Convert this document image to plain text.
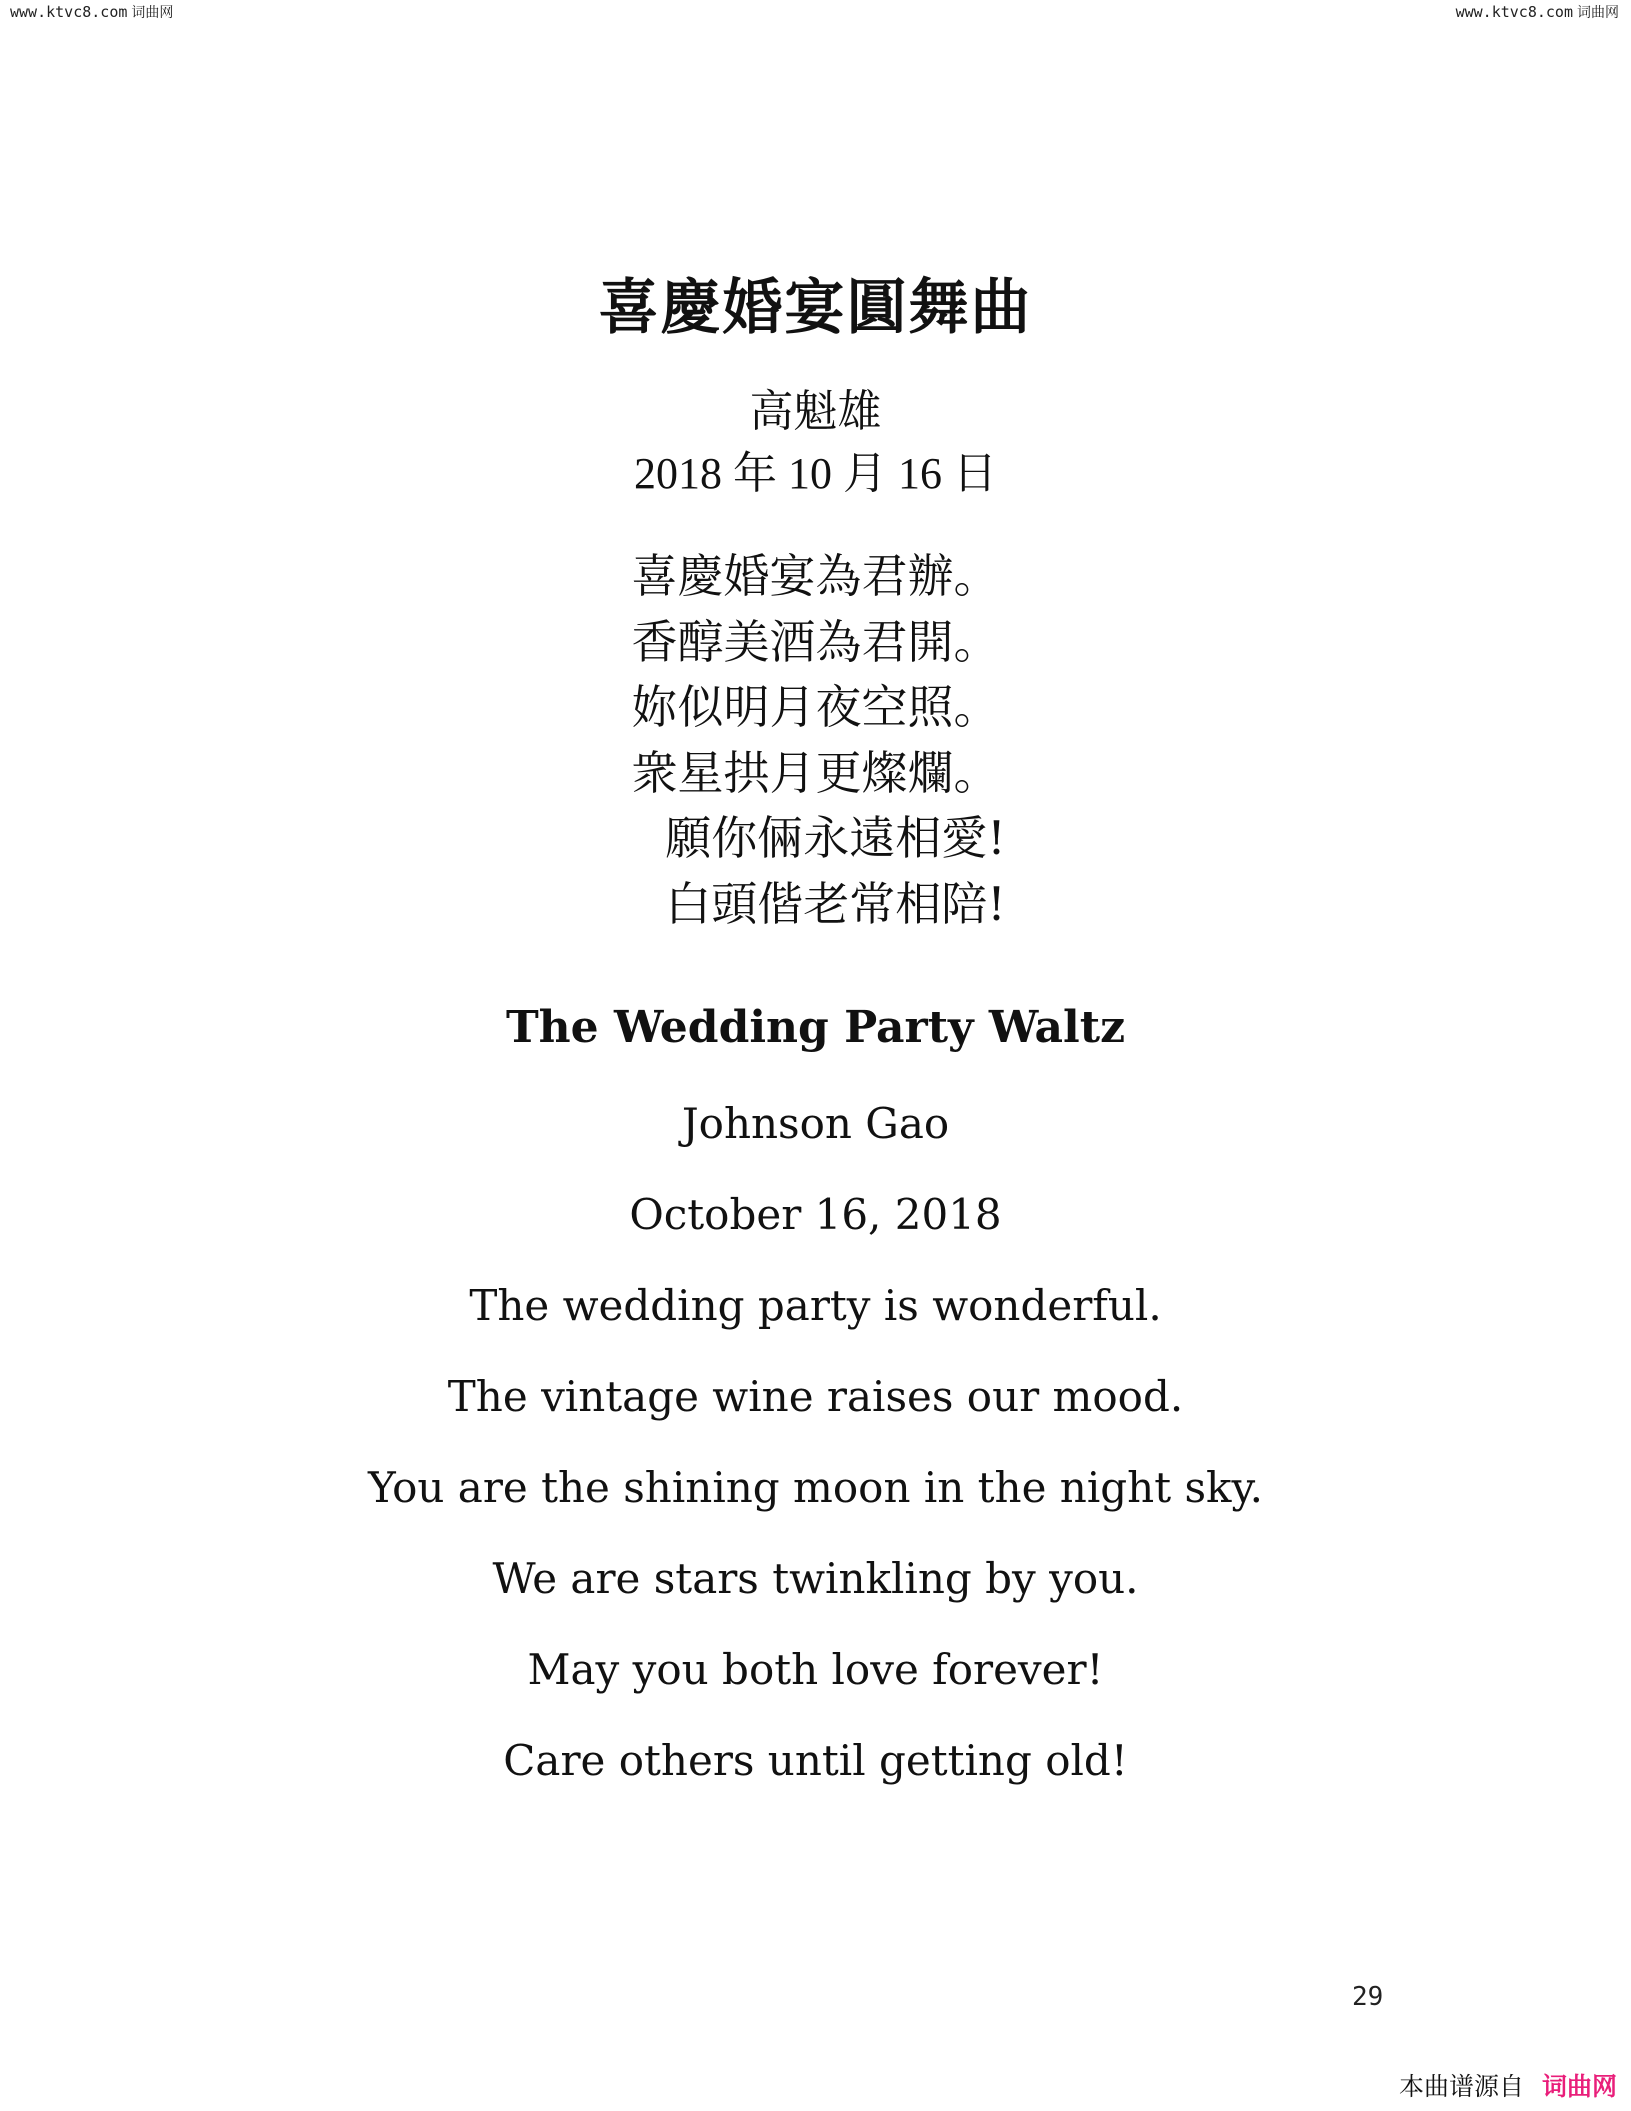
www.ktvc8.com 词曲网	www.ktvc8.com 词曲网
喜慶婚宴圓舞曲
高魁雄
2018 年 10 月 16 日
喜慶婚宴為君辦。
香醇美酒為君開。
妳似明月夜空照。
衆星拱月更燦爛。
願你倆永遠相愛!
白頭偕老常相陪!
The Wedding Party Waltz
Johnson Gao
October 16, 2018
The wedding party is wonderful.
The vintage wine raises our mood.
You are the shining moon in the night sky.
We are stars twinkling by you.
May you both love forever!
Care others until getting old!
29
本曲谱源自 词曲网
